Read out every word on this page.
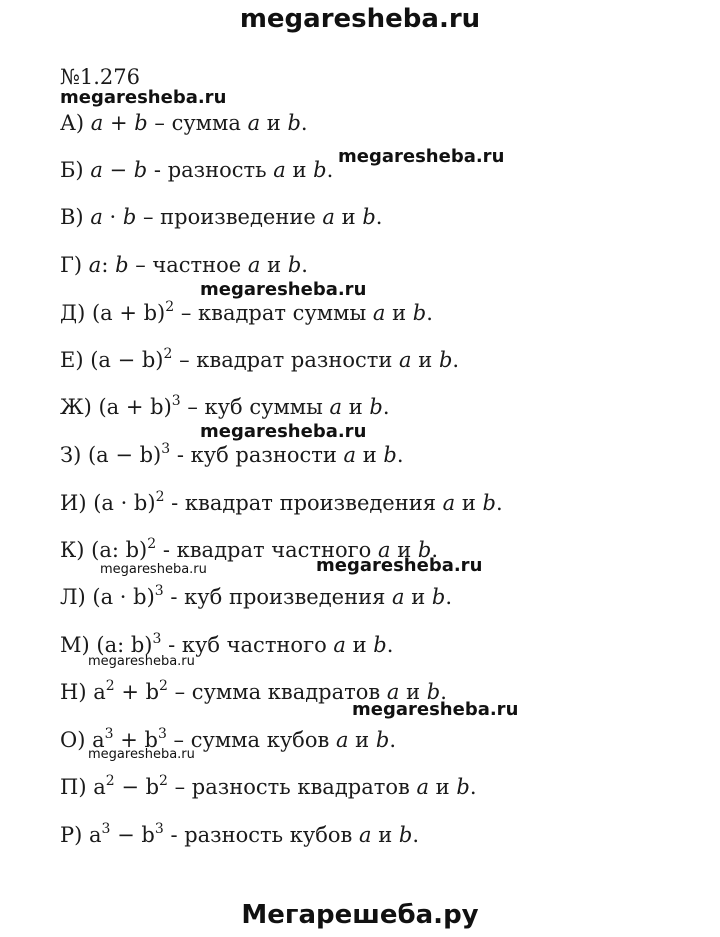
megaresheba.ru
№1.276
А) a + b – сумма a и b.
Б) a − b - разность a и b.
В) a · b – произведение a и b.
Г) a: b – частное a и b.
Д) $(a + b)^2$ – квадрат суммы a и b.
Е) $(a - b)^2$ – квадрат разности a и b.
Ж) $(a + b)^3$ – куб суммы a и b.
З) $(a - b)^3$ - куб разности a и b.
И) $(a \cdot b)^2$ - квадрат произведения a и b.
К) (a: b)$^2$ - квадрат частного a и b.
Л) $(a \cdot b)^3$ - куб произведения a и b.
М) (a: b)$^3$ - куб частного a и b.
Н) $a^2 + b^2$ – сумма квадратов a и b.
О) $a^3 + b^3$ – сумма кубов a и b.
П) $a^2 - b^2$ – разность квадратов a и b.
Р) $a^3 - b^3$ - разность кубов a и b.
megaresheba.ru
megaresheba.ru
megaresheba.ru
megaresheba.ru
megaresheba.ru	megaresheba.ru
megaresheba.ru
megaresheba.ru
megaresheba.ru
Мегарешеба.ру
